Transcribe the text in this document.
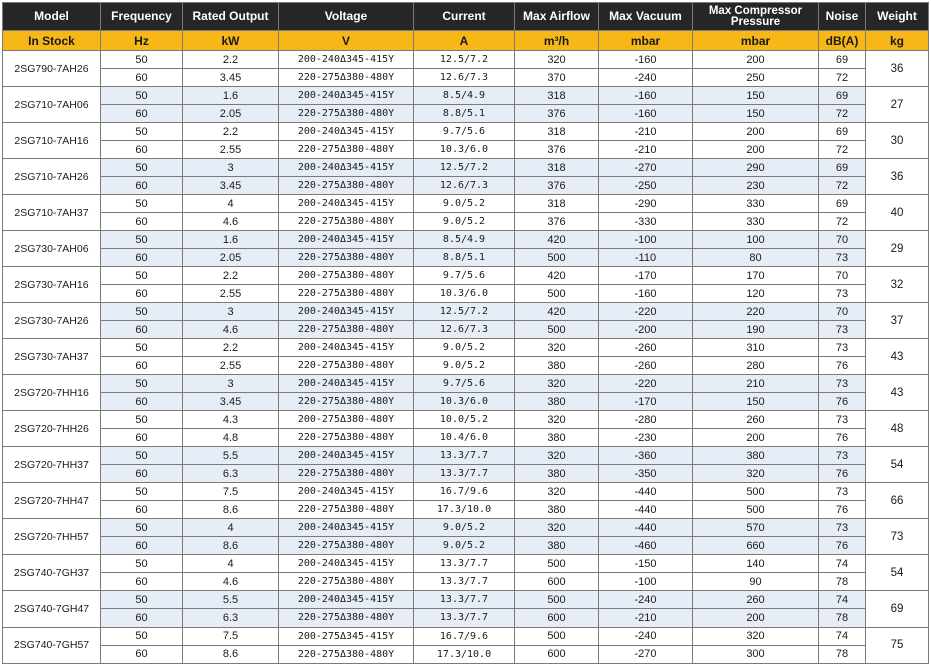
Model	Frequency	Rated Output	Voltage	Current	Max Airflow	Max Vacuum	Max Compressor Pressure	Noise	Weight
In Stock	Hz	kW	V	A	m³/h	mbar	mbar	dB(A)	kg
2SG790-7AH26	50	2.2	200-240Δ345-415Y	12.5/7.2	320	-160	200	69	36
	60	3.45	220-275Δ380-480Y	12.6/7.3	370	-240	250	72	
2SG710-7AH06	50	1.6	200-240Δ345-415Y	8.5/4.9	318	-160	150	69	27
	60	2.05	220-275Δ380-480Y	8.8/5.1	376	-160	150	72	
2SG710-7AH16	50	2.2	200-240Δ345-415Y	9.7/5.6	318	-210	200	69	30
	60	2.55	220-275Δ380-480Y	10.3/6.0	376	-210	200	72	
2SG710-7AH26	50	3	200-240Δ345-415Y	12.5/7.2	318	-270	290	69	36
	60	3.45	220-275Δ380-480Y	12.6/7.3	376	-250	230	72	
2SG710-7AH37	50	4	200-240Δ345-415Y	9.0/5.2	318	-290	330	69	40
	60	4.6	220-275Δ380-480Y	9.0/5.2	376	-330	330	72	
2SG730-7AH06	50	1.6	200-240Δ345-415Y	8.5/4.9	420	-100	100	70	29
	60	2.05	220-275Δ380-480Y	8.8/5.1	500	-110	80	73	
2SG730-7AH16	50	2.2	200-275Δ380-480Y	9.7/5.6	420	-170	170	70	32
	60	2.55	220-275Δ380-480Y	10.3/6.0	500	-160	120	73	
2SG730-7AH26	50	3	200-240Δ345-415Y	12.5/7.2	420	-220	220	70	37
	60	4.6	220-275Δ380-480Y	12.6/7.3	500	-200	190	73	
2SG730-7AH37	50	2.2	200-240Δ345-415Y	9.0/5.2	320	-260	310	73	43
	60	2.55	220-275Δ380-480Y	9.0/5.2	380	-260	280	76	
2SG720-7HH16	50	3	200-240Δ345-415Y	9.7/5.6	320	-220	210	73	43
	60	3.45	220-275Δ380-480Y	10.3/6.0	380	-170	150	76	
2SG720-7HH26	50	4.3	200-275Δ380-480Y	10.0/5.2	320	-280	260	73	48
	60	4.8	220-275Δ380-480Y	10.4/6.0	380	-230	200	76	
2SG720-7HH37	50	5.5	200-240Δ345-415Y	13.3/7.7	320	-360	380	73	54
	60	6.3	220-275Δ380-480Y	13.3/7.7	380	-350	320	76	
2SG720-7HH47	50	7.5	200-240Δ345-415Y	16.7/9.6	320	-440	500	73	66
	60	8.6	220-275Δ380-480Y	17.3/10.0	380	-440	500	76	
2SG720-7HH57	50	4	200-240Δ345-415Y	9.0/5.2	320	-440	570	73	73
	60	8.6	220-275Δ380-480Y	9.0/5.2	380	-460	660	76	
2SG740-7GH37	50	4	200-240Δ345-415Y	13.3/7.7	500	-150	140	74	54
	60	4.6	220-275Δ380-480Y	13.3/7.7	600	-100	90	78	
2SG740-7GH47	50	5.5	200-240Δ345-415Y	13.3/7.7	500	-240	260	74	69
	60	6.3	220-275Δ380-480Y	13.3/7.7	600	-210	200	78	
2SG740-7GH57	50	7.5	200-275Δ345-415Y	16.7/9.6	500	-240	320	74	75
	60	8.6	220-275Δ380-480Y	17.3/10.0	600	-270	300	78	
